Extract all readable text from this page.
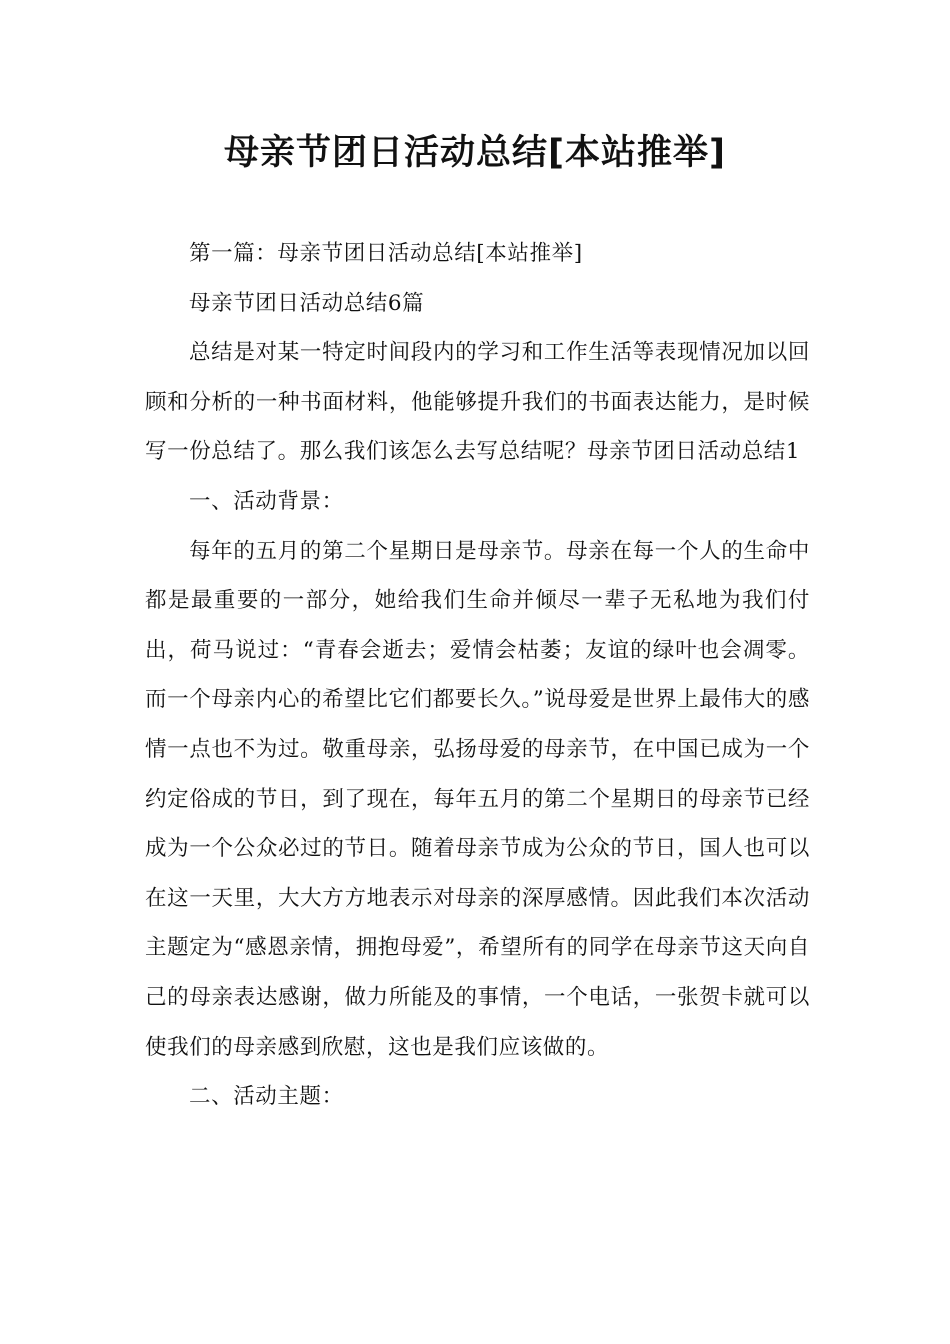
母亲节团日活动总结[本站推举]

第一篇：母亲节团日活动总结[本站推举]

母亲节团日活动总结6篇

总结是对某一特定时间段内的学习和工作生活等表现情况加以回顾和分析的一种书面材料，他能够提升我们的书面表达能力，是时候写一份总结了。那么我们该怎么去写总结呢？母亲节团日活动总结1

一、活动背景：

每年的五月的第二个星期日是母亲节。母亲在每一个人的生命中都是最重要的一部分，她给我们生命并倾尽一辈子无私地为我们付出，荷马说过：“青春会逝去；爱情会枯萎；友谊的绿叶也会凋零。而一个母亲内心的希望比它们都要长久。”说母爱是世界上最伟大的感情一点也不为过。敬重母亲，弘扬母爱的母亲节，在中国已成为一个约定俗成的节日，到了现在，每年五月的第二个星期日的母亲节已经成为一个公众必过的节日。随着母亲节成为公众的节日，国人也可以在这一天里，大大方方地表示对母亲的深厚感情。因此我们本次活动主题定为“感恩亲情，拥抱母爱”，希望所有的同学在母亲节这天向自己的母亲表达感谢，做力所能及的事情，一个电话，一张贺卡就可以使我们的母亲感到欣慰，这也是我们应该做的。

二、活动主题：
